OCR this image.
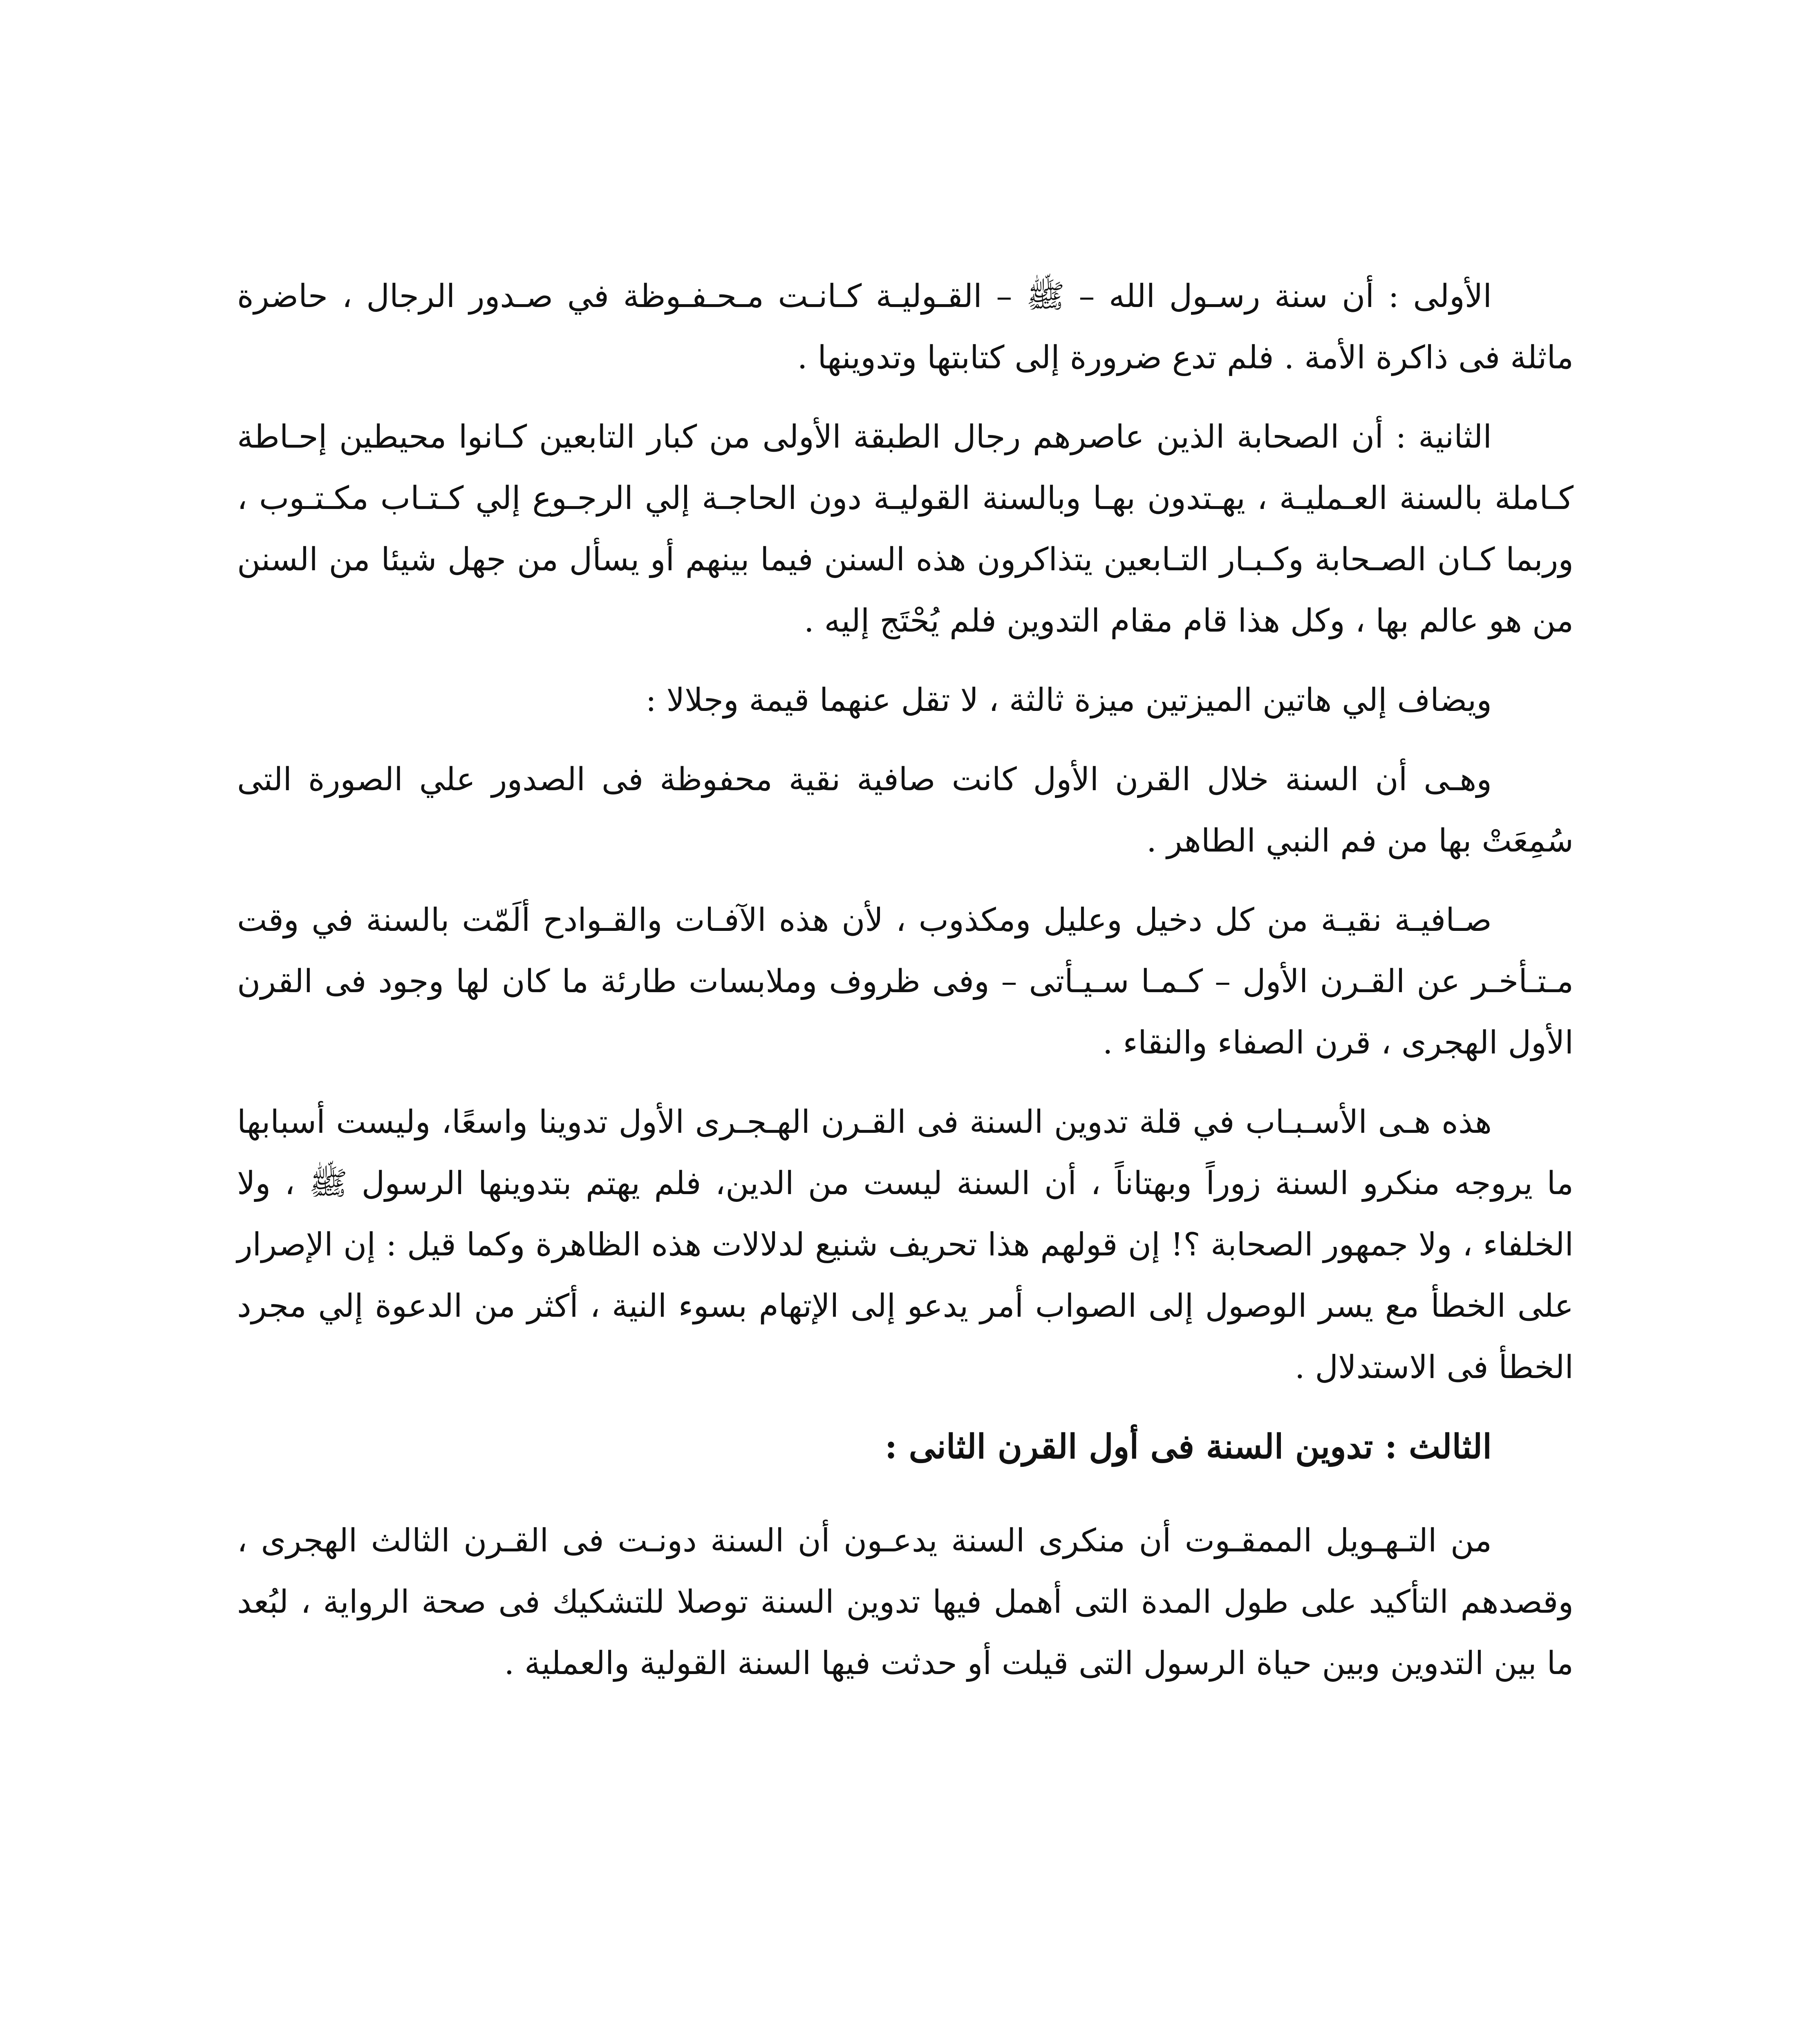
الأولى : أن سنة رسـول الله – ﷺ – القـوليـة كـانـت مـحـفـوظة في صـدور الرجال ، حاضرة ماثلة فى ذاكرة الأمة . فلم تدع ضرورة إلى كتابتها وتدوينها .

الثانية : أن الصحابة الذين عاصرهم رجال الطبقة الأولى من كبار التابعين كـانوا محيطين إحـاطة كـاملة بالسنة العـمليـة ، يهـتدون بهـا وبالسنة القوليـة دون الحاجـة إلي الرجـوع إلي كـتـاب مكـتـوب ، وربما كـان الصـحابة وكـبـار التـابعين يتذاكرون هذه السنن فيما بينهم أو يسأل من جهل شيئا من السنن من هو عالم بها ، وكل هذا قام مقام التدوين فلم يُحْتَج إليه .

ويضاف إلي هاتين الميزتين ميزة ثالثة ، لا تقل عنهما قيمة وجلالا :

وهـى أن السنة خلال القرن الأول كانت صافية نقية محفوظة فى الصدور علي الصورة التى سُمِعَتْ بها من فم النبي الطاهر .

صـافيـة نقيـة من كل دخيل وعليل ومكذوب ، لأن هذه الآفـات والقـوادح ألَمّت بالسنة في وقت مـتـأخـر عن القـرن الأول – كـمـا سـيـأتى – وفى ظروف وملابسات طارئة ما كان لها وجود فى القرن الأول الهجرى ، قرن الصفاء والنقاء .

هذه هـى الأسـبـاب في قلة تدوين السنة فى القـرن الهـجـرى الأول تدوينا واسعًا، وليست أسبابها ما يروجه منكرو السنة زوراً وبهتاناً ، أن السنة ليست من الدين، فلم يهتم بتدوينها الرسول ﷺ ، ولا الخلفاء ، ولا جمهور الصحابة ؟! إن قولهم هذا تحريف شنيع لدلالات هذه الظاهرة وكما قيل : إن الإصرار على الخطأ مع يسر الوصول إلى الصواب أمر يدعو إلى الإتهام بسوء النية ، أكثر من الدعوة إلي مجرد الخطأ فى الاستدلال .

الثالث : تدوين السنة فى أول القرن الثانى :

من التـهـويل الممقـوت أن منكرى السنة يدعـون أن السنة دونـت فى القـرن الثالث الهجرى ، وقصدهم التأكيد على طول المدة التى أهمل فيها تدوين السنة توصلا للتشكيك فى صحة الرواية ، لبُعد ما بين التدوين وبين حياة الرسول التى قيلت أو حدثت فيها السنة القولية والعملية .
